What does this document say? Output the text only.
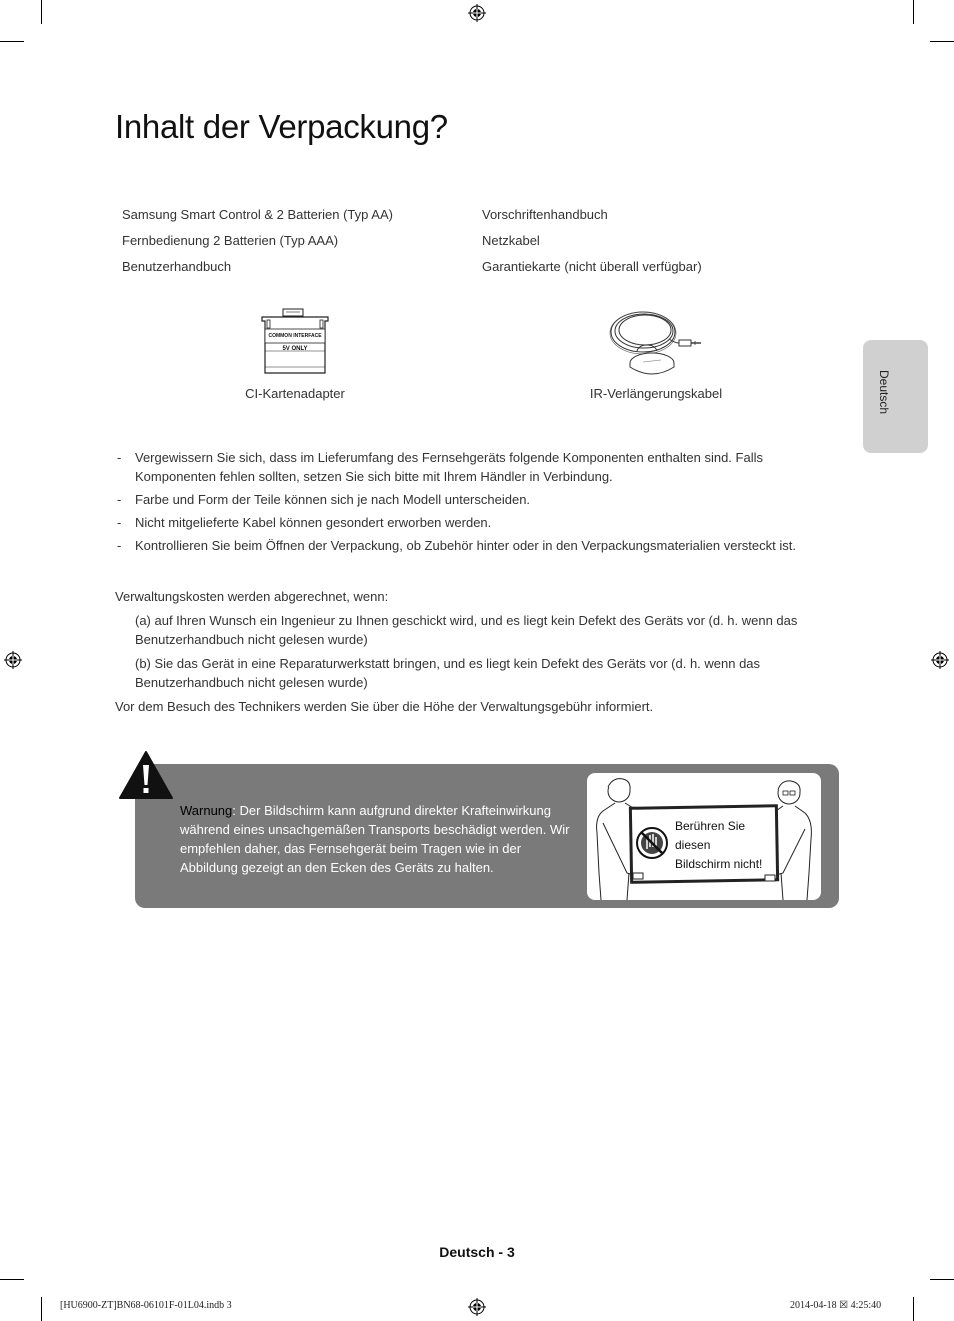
Inhalt der Verpackung?
Deutsch
Samsung Smart Control & 2 Batterien (Typ AA)	Vorschriftenhandbuch
Fernbedienung 2 Batterien (Typ AAA)	Netzkabel
Benutzerhandbuch	Garantiekarte (nicht überall verfügbar)
COMMON INTERFACE
5V ONLY
CI-Kartenadapter	IR-Verlängerungskabel
- Vergewissern Sie sich, dass im Lieferumfang des Fernsehgeräts folgende Komponenten enthalten sind. Falls Komponenten fehlen sollten, setzen Sie sich bitte mit Ihrem Händler in Verbindung.
- Farbe und Form der Teile können sich je nach Modell unterscheiden.
- Nicht mitgelieferte Kabel können gesondert erworben werden.
- Kontrollieren Sie beim Öffnen der Verpackung, ob Zubehör hinter oder in den Verpackungsmaterialien versteckt ist.

Verwaltungskosten werden abgerechnet, wenn:

(a) auf Ihren Wunsch ein Ingenieur zu Ihnen geschickt wird, und es liegt kein Defekt des Geräts vor (d. h. wenn das Benutzerhandbuch nicht gelesen wurde)

(b) Sie das Gerät in eine Reparaturwerkstatt bringen, und es liegt kein Defekt des Geräts vor (d. h. wenn das Benutzerhandbuch nicht gelesen wurde)

Vor dem Besuch des Technikers werden Sie über die Höhe der Verwaltungsgebühr informiert.

Warnung: Der Bildschirm kann aufgrund direkter Krafteinwirkung während eines unsachgemäßen Transports beschädigt werden. Wir empfehlen daher, das Fernsehgerät beim Tragen wie in der Abbildung gezeigt an den Ecken des Geräts zu halten.
Berühren Sie
diesen
Bildschirm nicht!
Deutsch - 3
[HU6900-ZT]BN68-06101F-01L04.indb 3	2014-04-18 ☒ 4:25:40
